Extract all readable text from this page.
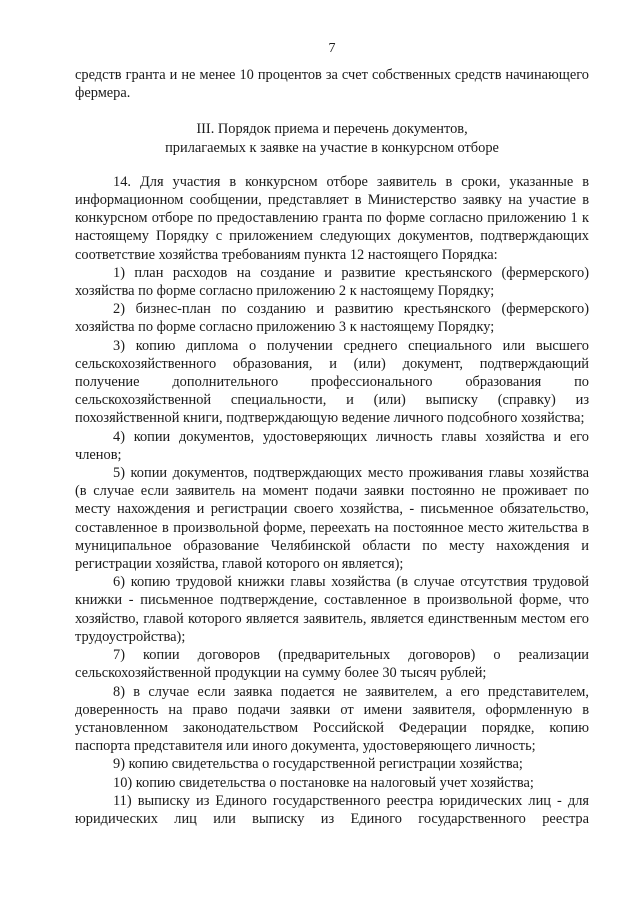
7

средств гранта и не менее 10 процентов за счет собственных средств начинающего фермера.

III. Порядок приема и перечень документов,
прилагаемых к заявке на участие в конкурсном отборе

14. Для участия в конкурсном отборе заявитель в сроки, указанные в информационном сообщении, представляет в Министерство заявку на участие в конкурсном отборе по предоставлению гранта по форме согласно приложению 1 к настоящему Порядку с приложением следующих документов, подтверждающих соответствие хозяйства требованиям пункта 12 настоящего Порядка:

1) план расходов на создание и развитие крестьянского (фермерского) хозяйства по форме согласно приложению 2 к настоящему Порядку;

2) бизнес-план по созданию и развитию крестьянского (фермерского) хозяйства по форме согласно приложению 3 к настоящему Порядку;

3) копию диплома о получении среднего специального или высшего сельскохозяйственного образования, и (или) документ, подтверждающий получение дополнительного профессионального образования по сельскохозяйственной специальности, и (или) выписку (справку) из похозяйственной книги, подтверждающую ведение личного подсобного хозяйства;

4) копии документов, удостоверяющих личность главы хозяйства и его членов;

5) копии документов, подтверждающих место проживания главы хозяйства (в случае если заявитель на момент подачи заявки постоянно не проживает по месту нахождения и регистрации своего хозяйства, - письменное обязательство, составленное в произвольной форме, переехать на постоянное место жительства в муниципальное образование Челябинской области по месту нахождения и регистрации хозяйства, главой которого он является);

6) копию трудовой книжки главы хозяйства (в случае отсутствия трудовой книжки - письменное подтверждение, составленное в произвольной форме, что хозяйство, главой которого является заявитель, является единственным местом его трудоустройства);

7) копии договоров (предварительных договоров) о реализации сельскохозяйственной продукции на сумму более 30 тысяч рублей;

8) в случае если заявка подается не заявителем, а его представителем, доверенность на право подачи заявки от имени заявителя, оформленную в установленном законодательством Российской Федерации порядке, копию паспорта представителя или иного документа, удостоверяющего личность;

9) копию свидетельства о государственной регистрации хозяйства;

10) копию свидетельства о постановке на налоговый учет хозяйства;

11) выписку из Единого государственного реестра юридических лиц - для юридических лиц или выписку из Единого государственного реестра
